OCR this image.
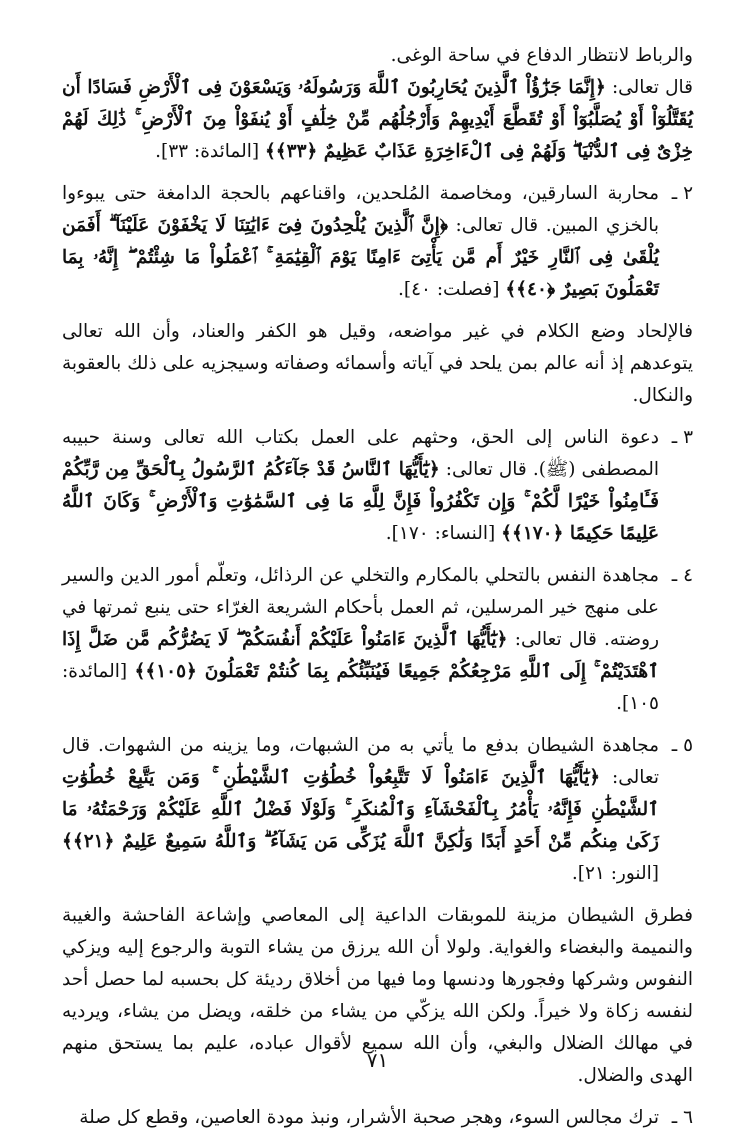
والرباط لانتظار الدفاع في ساحة الوغى.

قال تعالى: ﴿إِنَّمَا جَزَٰٓؤُاْ ٱلَّذِينَ يُحَارِبُونَ ٱللَّهَ وَرَسُولَهُۥ وَيَسْعَوْنَ فِى ٱلْأَرْضِ فَسَادًا أَن يُقَتَّلُوٓاْ أَوْ يُصَلَّبُوٓاْ أَوْ تُقَطَّعَ أَيْدِيهِمْ وَأَرْجُلُهُم مِّنْ خِلَٰفٍ أَوْ يُنفَوْاْ مِنَ ٱلْأَرْضِ ۚ ذَٰلِكَ لَهُمْ خِزْىٌ فِى ٱلدُّنْيَا ۖ وَلَهُمْ فِى ٱلْءَاخِرَةِ عَذَابٌ عَظِيمٌ ﴿٣٣﴾﴾ [المائدة: ٣٣].

٢ ـ

محاربة السارقين، ومخاصمة المُلحدين، واقناعهم بالحجة الدامغة حتى يبوءوا بالخزي المبين. قال تعالى: ﴿إِنَّ ٱلَّذِينَ يُلْحِدُونَ فِىٓ ءَايَٰتِنَا لَا يَخْفَوْنَ عَلَيْنَآ ۗ أَفَمَن يُلْقَىٰ فِى ٱلنَّارِ خَيْرٌ أَم مَّن يَأْتِىٓ ءَامِنًا يَوْمَ ٱلْقِيَٰمَةِ ۚ ٱعْمَلُواْ مَا شِئْتُمْ ۖ إِنَّهُۥ بِمَا تَعْمَلُونَ بَصِيرٌ ﴿٤٠﴾﴾ [فصلت: ٤٠].

فالإلحاد وضع الكلام في غير مواضعه، وقيل هو الكفر والعناد، وأن الله تعالى يتوعدهم إذ أنه عالم بمن يلحد في آياته وأسمائه وصفاته وسيجزيه على ذلك بالعقوبة والنكال.

٣ ـ

دعوة الناس إلى الحق، وحثهم على العمل بكتاب الله تعالى وسنة حبيبه المصطفى (ﷺ). قال تعالى: ﴿يَٰٓأَيُّهَا ٱلنَّاسُ قَدْ جَآءَكُمُ ٱلرَّسُولُ بِٱلْحَقِّ مِن رَّبِّكُمْ فَـَٔامِنُواْ خَيْرًا لَّكُمْ ۚ وَإِن تَكْفُرُواْ فَإِنَّ لِلَّهِ مَا فِى ٱلسَّمَٰوَٰتِ وَٱلْأَرْضِ ۚ وَكَانَ ٱللَّهُ عَلِيمًا حَكِيمًا ﴿١٧٠﴾﴾ [النساء: ١٧٠].

٤ ـ

مجاهدة النفس بالتحلي بالمكارم والتخلي عن الرذائل، وتعلّم أمور الدين والسير على منهج خير المرسلين، ثم العمل بأحكام الشريعة الغرّاء حتى ينبع ثمرتها في روضته. قال تعالى: ﴿يَٰٓأَيُّهَا ٱلَّذِينَ ءَامَنُواْ عَلَيْكُمْ أَنفُسَكُمْ ۖ لَا يَضُرُّكُم مَّن ضَلَّ إِذَا ٱهْتَدَيْتُمْ ۚ إِلَى ٱللَّهِ مَرْجِعُكُمْ جَمِيعًا فَيُنَبِّئُكُم بِمَا كُنتُمْ تَعْمَلُونَ ﴿١٠٥﴾﴾ [المائدة: ١٠٥].

٥ ـ

مجاهدة الشيطان بدفع ما يأتي به من الشبهات، وما يزينه من الشهوات. قال تعالى: ﴿يَٰٓأَيُّهَا ٱلَّذِينَ ءَامَنُواْ لَا تَتَّبِعُواْ خُطُوَٰتِ ٱلشَّيْطَٰنِ ۚ وَمَن يَتَّبِعْ خُطُوَٰتِ ٱلشَّيْطَٰنِ فَإِنَّهُۥ يَأْمُرُ بِٱلْفَحْشَآءِ وَٱلْمُنكَرِ ۚ وَلَوْلَا فَضْلُ ٱللَّهِ عَلَيْكُمْ وَرَحْمَتُهُۥ مَا زَكَىٰ مِنكُم مِّنْ أَحَدٍ أَبَدًا وَلَٰكِنَّ ٱللَّهَ يُزَكِّى مَن يَشَآءُ ۗ وَٱللَّهُ سَمِيعٌ عَلِيمٌ ﴿٢١﴾﴾ [النور: ٢١].

فطرق الشيطان مزينة للموبقات الداعية إلى المعاصي وإشاعة الفاحشة والغيبة والنميمة والبغضاء والغواية. ولولا أن الله يرزق من يشاء التوبة والرجوع إليه ويزكي النفوس وشركها وفجورها ودنسها وما فيها من أخلاق رديئة كل بحسبه لما حصل أحد لنفسه زكاة ولا خيراً. ولكن الله يزكّي من يشاء من خلقه، ويضل من يشاء، ويرديه في مهالك الضلال والبغي، وأن الله سميع لأقوال عباده، عليم بما يستحق منهم الهدى والضلال.

٦ ـ

ترك مجالس السوء، وهجر صحبة الأشرار، ونبذ مودة العاصين، وقطع كل صلة

٧١
